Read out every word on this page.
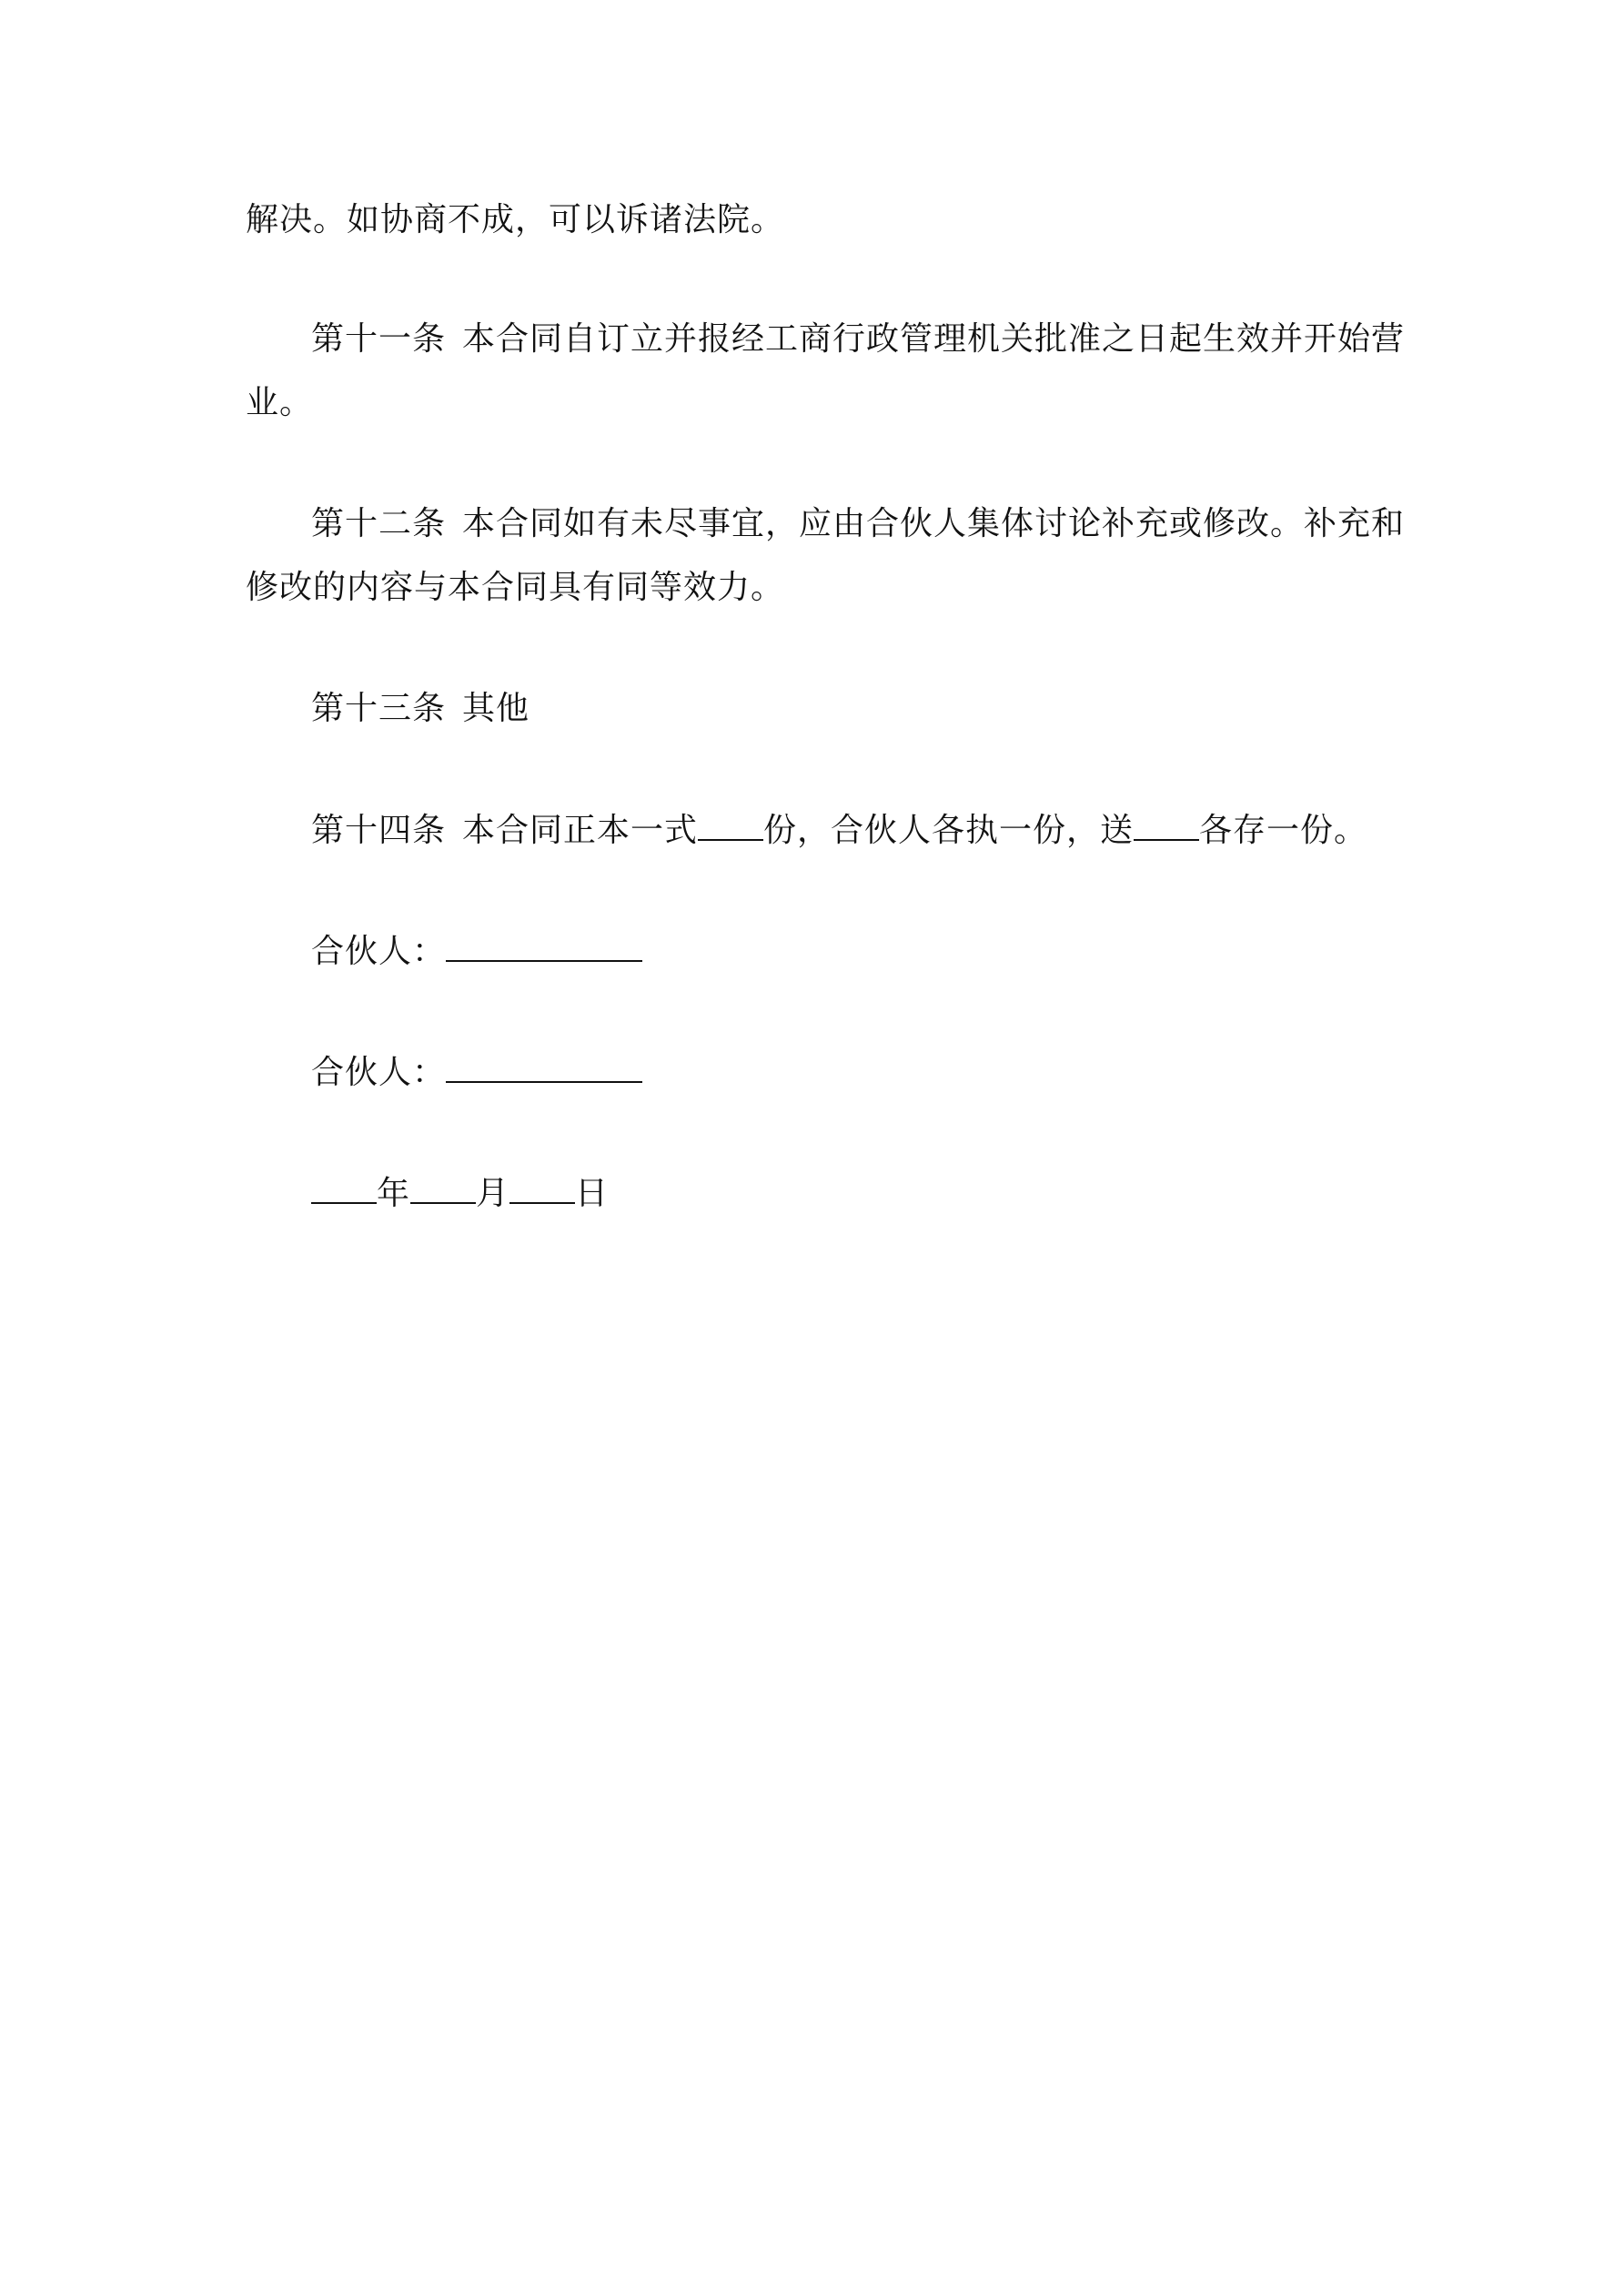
解决。如协商不成，可以诉诸法院。
第十一条 本合同自订立并报经工商行政管理机关批准之日起生效并开始营
业。
第十二条 本合同如有未尽事宜，应由合伙人集体讨论补充或修改。补充和
修改的内容与本合同具有同等效力。
第十三条 其他
第十四条 本合同正本一式 份，合伙人各执一份，送 各存一份。
合伙人：
合伙人：
年 月 日
